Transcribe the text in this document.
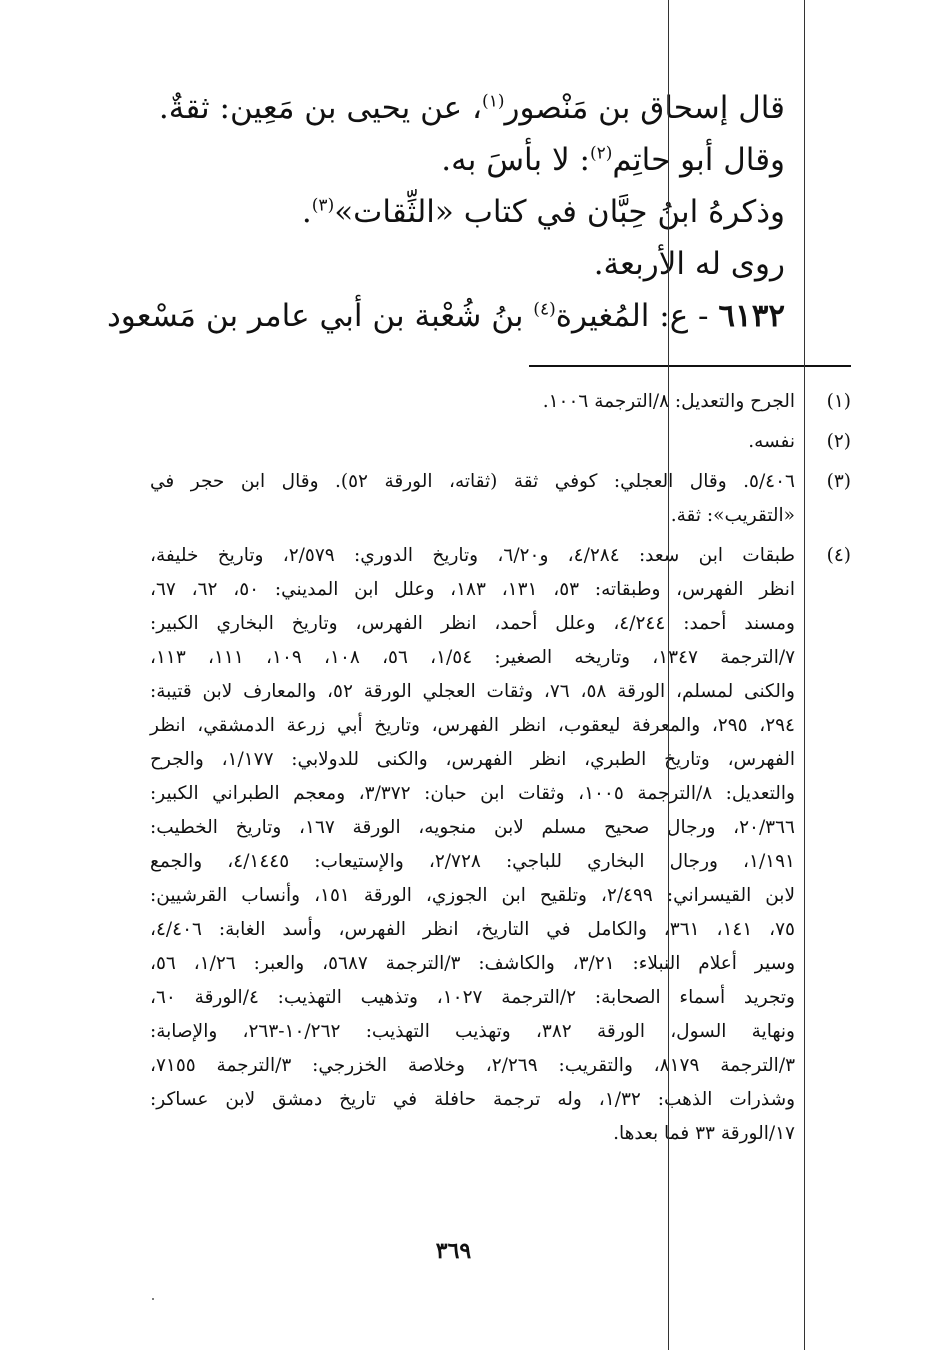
قال إسحاق بن مَنْصور$^{(١)}$، عن يحيى بن مَعِين: ثقةٌ.
وقال أبو حاتِم$^{(٢)}$: لا بأسَ به.
وذكرهُ ابنُ حِبَّان في كتاب «الثِّقات»$^{(٣)}$.
روى له الأربعة.
٦١٣٢ - ع: المُغيرة$^{(٤)}$ بنُ شُعْبة بن أبي عامر بن مَسْعود
(١)
الجرح والتعديل: ٨/الترجمة ١٠٠٦.
(٢)
نفسه.
(٣)
٥/٤٠٦. وقال العجلي: كوفي ثقة (ثقاته، الورقة ٥٢). وقال ابن حجر في
«التقريب»: ثقة.
(٤)
طبقات ابن سعد: ٤/٢٨٤، و٦/٢٠، وتاريخ الدوري: ٢/٥٧٩، وتاريخ خليفة،
انظر الفهرس، وطبقاته: ٥٣، ١٣١، ١٨٣، وعلل ابن المديني: ٥٠، ٦٢، ٦٧،
ومسند أحمد: ٤/٢٤٤، وعلل أحمد، انظر الفهرس، وتاريخ البخاري الكبير:
٧/الترجمة ١٣٤٧، وتاريخه الصغير: ١/٥٤، ٥٦، ١٠٨، ١٠٩، ١١١، ١١٣،
والكنى لمسلم، الورقة ٥٨، ٧٦، وثقات العجلي الورقة ٥٢، والمعارف لابن قتيبة:
٢٩٤، ٢٩٥، والمعرفة ليعقوب، انظر الفهرس، وتاريخ أبي زرعة الدمشقي، انظر
الفهرس، وتاريخ الطبري، انظر الفهرس، والكنى للدولابي: ١/١٧٧، والجرح
والتعديل: ٨/الترجمة ١٠٠٥، وثقات ابن حبان: ٣/٣٧٢، ومعجم الطبراني الكبير:
٢٠/٣٦٦، ورجال صحيح مسلم لابن منجويه، الورقة ١٦٧، وتاريخ الخطيب:
١/١٩١، ورجال البخاري للباجي: ٢/٧٢٨، والإستيعاب: ٤/١٤٤٥، والجمع
لابن القيسراني: ٢/٤٩٩، وتلقيح ابن الجوزي، الورقة ١٥١، وأنساب القرشيين:
٧٥، ١٤١، ٣٦١، والكامل في التاريخ، انظر الفهرس، وأسد الغابة: ٤/٤٠٦،
وسير أعلام النبلاء: ٣/٢١، والكاشف: ٣/الترجمة ٥٦٨٧، والعبر: ١/٢٦، ٥٦،
وتجريد أسماء الصحابة: ٢/الترجمة ١٠٢٧، وتذهيب التهذيب: ٤/الورقة ٦٠،
ونهاية السول، الورقة ٣٨٢، وتهذيب التهذيب: ١٠/٢٦٢-٢٦٣، والإصابة:
٣/الترجمة ٨١٧٩، والتقريب: ٢/٢٦٩، وخلاصة الخزرجي: ٣/الترجمة ٧١٥٥،
وشذرات الذهب: ١/٣٢، وله ترجمة حافلة في تاريخ دمشق لابن عساكر:
١٧/الورقة ٣٣ فما بعدها.
٣٦٩
